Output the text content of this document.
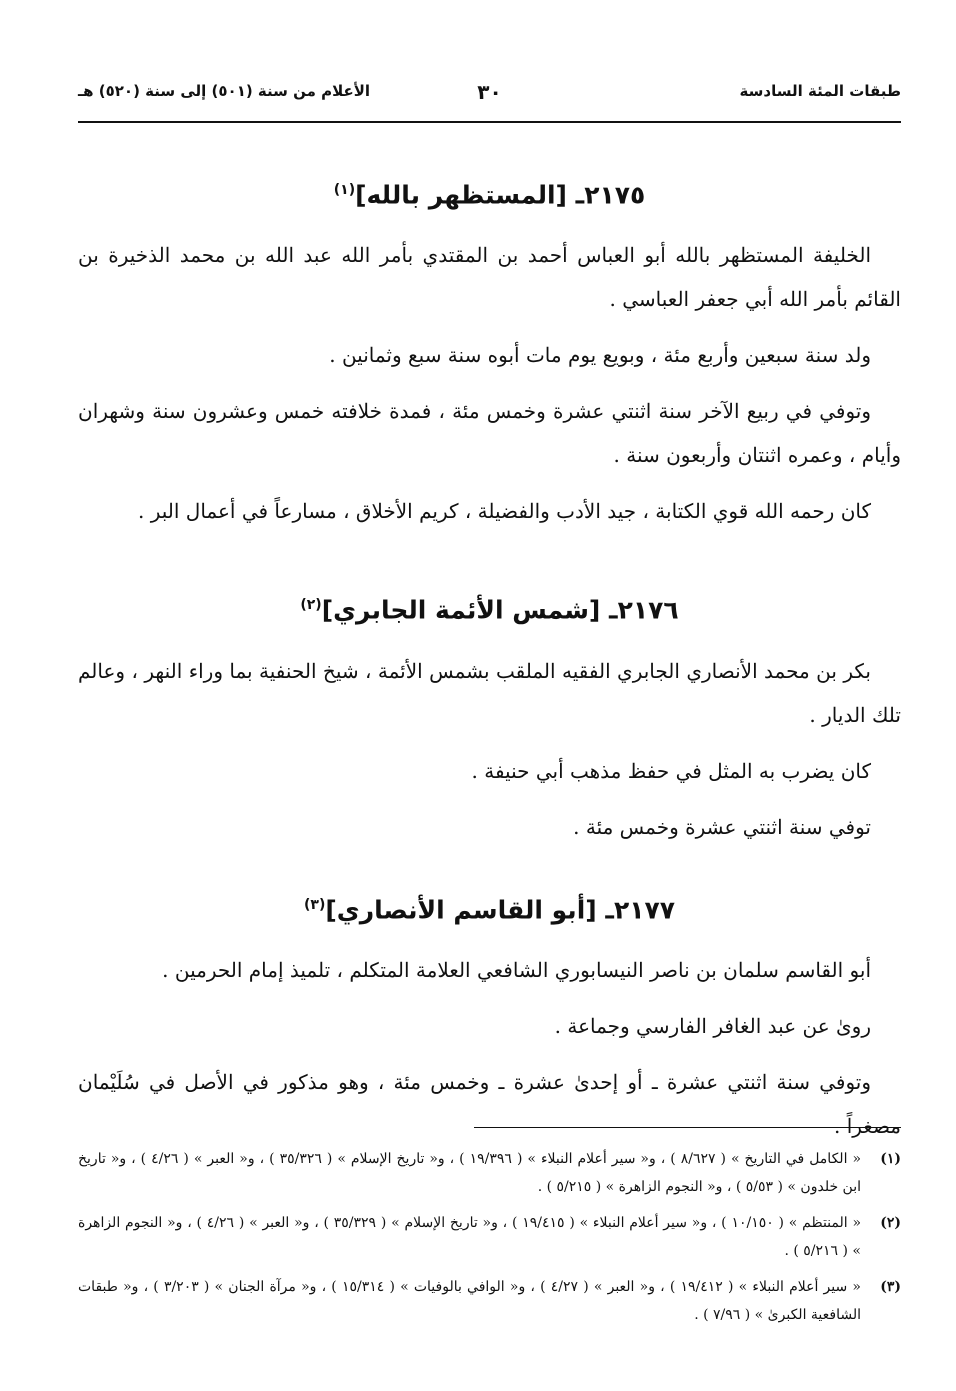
طبقات المئة السادسة
٣٠
الأعلام من سنة (٥٠١) إلى سنة (٥٢٠) هـ
٢١٧٥ـ [المستظهر بالله]$^{(١)}$

الخليفة المستظهر بالله أبو العباس أحمد بن المقتدي بأمر الله عبد الله بن محمد الذخيرة بن القائم بأمر الله أبي جعفر العباسي .

ولد سنة سبعين وأربع مئة ، وبويع يوم مات أبوه سنة سبع وثمانين .

وتوفي في ربيع الآخر سنة اثنتي عشرة وخمس مئة ، فمدة خلافته خمس وعشرون سنة وشهران وأيام ، وعمره اثنتان وأربعون سنة .

كان رحمه الله قوي الكتابة ، جيد الأدب والفضيلة ، كريم الأخلاق ، مسارعاً في أعمال البر .

٢١٧٦ـ [شمس الأئمة الجابري]$^{(٢)}$

بكر بن محمد الأنصاري الجابري الفقيه الملقب بشمس الأئمة ، شيخ الحنفية بما وراء النهر ، وعالم تلك الديار .

كان يضرب به المثل في حفظ مذهب أبي حنيفة .

توفي سنة اثنتي عشرة وخمس مئة .

٢١٧٧ـ [أبو القاسم الأنصاري]$^{(٣)}$

أبو القاسم سلمان بن ناصر النيسابوري الشافعي العلامة المتكلم ، تلميذ إمام الحرمين .

روىٰ عن عبد الغافر الفارسي وجماعة .

وتوفي سنة اثنتي عشرة ـ أو إحدىٰ عشرة ـ وخمس مئة ، وهو مذكور في الأصل في سُلَيْمان مصغراً .

(١)
« الكامل في التاريخ » ( ٨/٦٢٧ ) ، و« سير أعلام النبلاء » ( ١٩/٣٩٦ ) ، و« تاريخ الإسلام » ( ٣٥/٣٢٦ ) ، و« العبر » ( ٤/٢٦ ) ، و« تاريخ ابن خلدون » ( ٥/٥٣ ) ، و« النجوم الزاهرة » ( ٥/٢١٥ ) .
(٢)
« المنتظم » ( ١٠/١٥٠ ) ، و« سير أعلام النبلاء » ( ١٩/٤١٥ ) ، و« تاريخ الإسلام » ( ٣٥/٣٢٩ ) ، و« العبر » ( ٤/٢٦ ) ، و« النجوم الزاهرة » ( ٥/٢١٦ ) .
(٣)
« سير أعلام النبلاء » ( ١٩/٤١٢ ) ، و« العبر » ( ٤/٢٧ ) ، و« الوافي بالوفيات » ( ١٥/٣١٤ ) ، و« مرآة الجنان » ( ٣/٢٠٣ ) ، و« طبقات الشافعية الكبرىٰ » ( ٧/٩٦ ) .
